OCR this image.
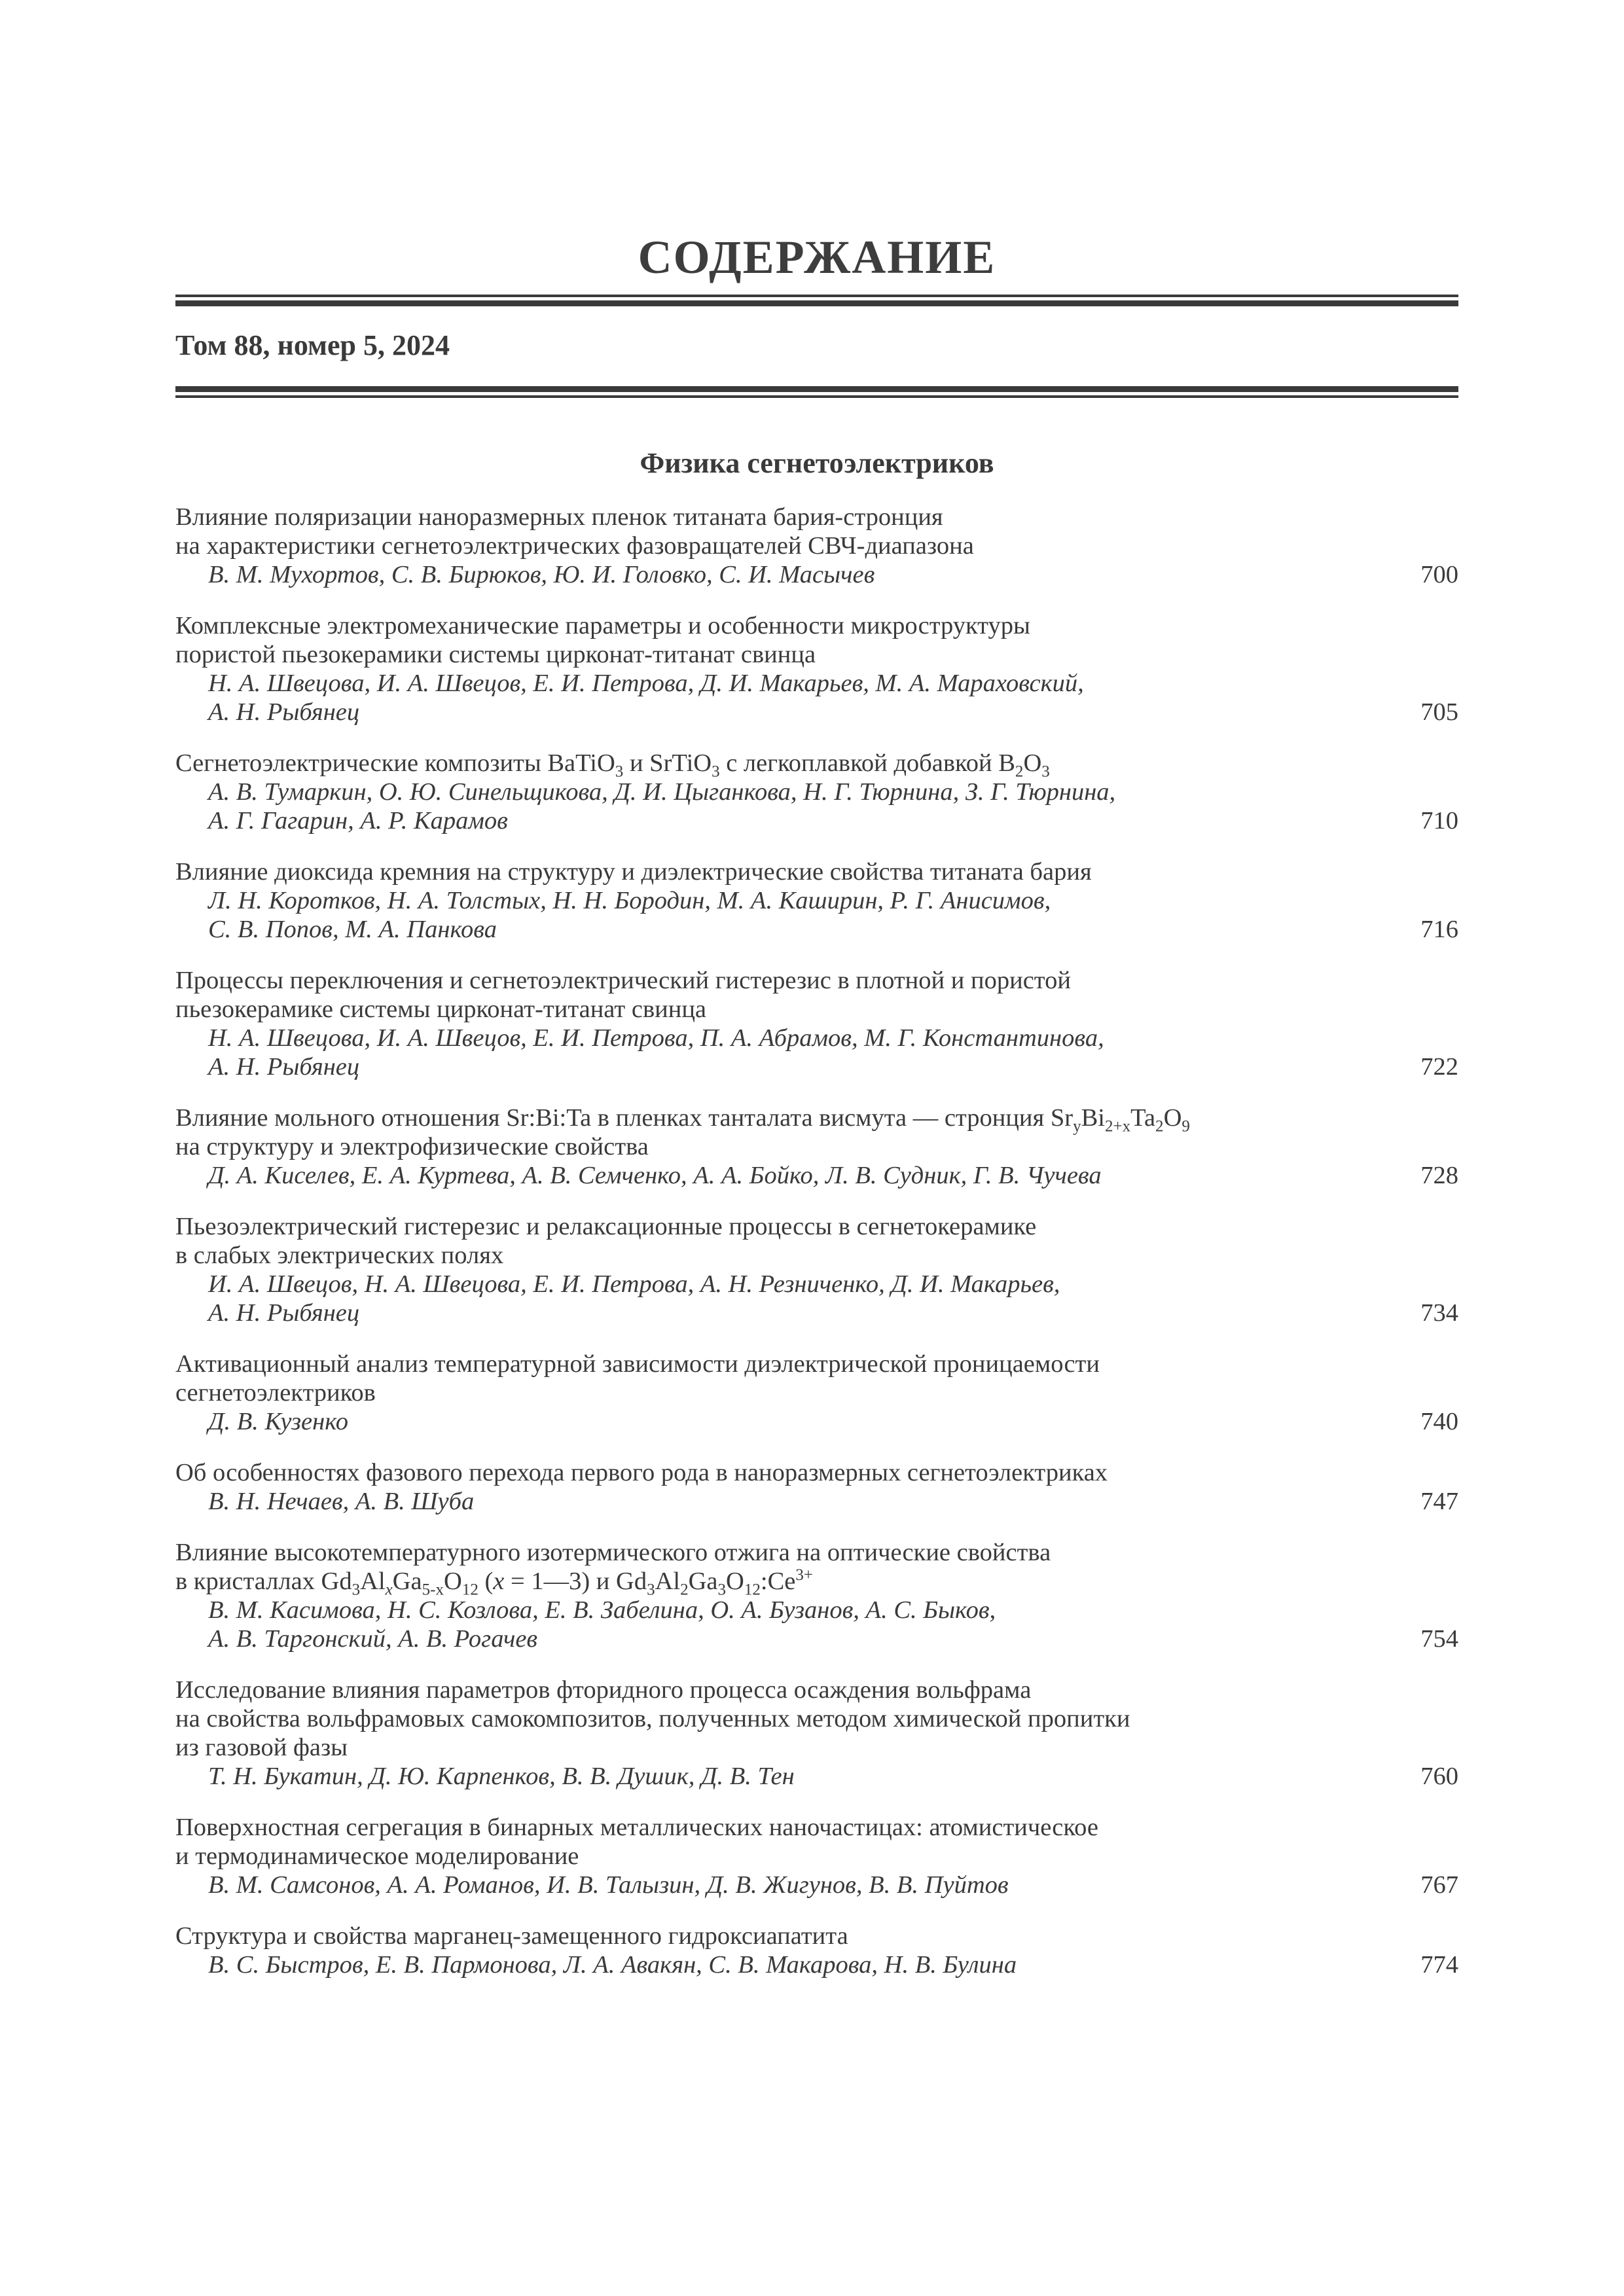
СОДЕРЖАНИЕ
Том 88, номер 5, 2024
Физика сегнетоэлектриков
Влияние поляризации наноразмерных пленок титаната бария-стронция
на характеристики сегнетоэлектрических фазовращателей СВЧ-диапазона
В. М. Мухортов, С. В. Бирюков, Ю. И. Головко, С. И. Масычев	700
Комплексные электромеханические параметры и особенности микроструктуры
пористой пьезокерамики системы цирконат-титанат свинца
Н. А. Швецова, И. А. Швецов, Е. И. Петрова, Д. И. Макарьев, М. А. Мараховский,
А. Н. Рыбянец	705
Сегнетоэлектрические композиты BaTiO$_3$ и SrTiO$_3$ с легкоплавкой добавкой $B_2O_3$
А. В. Тумаркин, О. Ю. Синельщикова, Д. И. Цыганкова, Н. Г. Тюрнина, З. Г. Тюрнина,
А. Г. Гагарин, А. Р. Карамов	710
Влияние диоксида кремния на структуру и диэлектрические свойства титаната бария
Л. Н. Коротков, Н. А. Толстых, Н. Н. Бородин, М. А. Каширин, Р. Г. Анисимов,
С. В. Попов, М. А. Панкова	716
Процессы переключения и сегнетоэлектрический гистерезис в плотной и пористой
пьезокерамике системы цирконат-титанат свинца
Н. А. Швецова, И. А. Швецов, Е. И. Петрова, П. А. Абрамов, М. Г. Константинова,
А. Н. Рыбянец	722
Влияние мольного отношения Sr:Bi:Ta в пленках танталата висмута — стронция $Sr_yBi_{2+x}Ta_2O_9$
на структуру и электрофизические свойства
Д. А. Киселев, Е. А. Куртева, А. В. Семченко, А. А. Бойко, Л. В. Судник, Г. В. Чучева	728
Пьезоэлектрический гистерезис и релаксационные процессы в сегнетокерамике
в слабых электрических полях
И. А. Швецов, Н. А. Швецова, Е. И. Петрова, А. Н. Резниченко, Д. И. Макарьев,
А. Н. Рыбянец	734
Активационный анализ температурной зависимости диэлектрической проницаемости
сегнетоэлектриков
Д. В. Кузенко	740
Об особенностях фазового перехода первого рода в наноразмерных сегнетоэлектриках
В. Н. Нечаев, А. В. Шуба	747
Влияние высокотемпературного изотермического отжига на оптические свойства
в кристаллах $Gd_3Al_xGa_{5-x}O_{12}$ (x = 1—3) и $Gd_3Al_2Ga_3O_{12}:Ce^{3+}$
В. М. Касимова, Н. С. Козлова, Е. В. Забелина, О. А. Бузанов, А. С. Быков,
А. В. Таргонский, А. В. Рогачев	754
Исследование влияния параметров фторидного процесса осаждения вольфрама
на свойства вольфрамовых самокомпозитов, полученных методом химической пропитки
из газовой фазы
Т. Н. Букатин, Д. Ю. Карпенков, В. В. Душик, Д. В. Тен	760
Поверхностная сегрегация в бинарных металлических наночастицах: атомистическое
и термодинамическое моделирование
В. М. Самсонов, А. А. Романов, И. В. Талызин, Д. В. Жигунов, В. В. Пуйтов	767
Структура и свойства марганец-замещенного гидроксиапатита
В. С. Быстров, Е. В. Пармонова, Л. А. Авакян, С. В. Макарова, Н. В. Булина	774
